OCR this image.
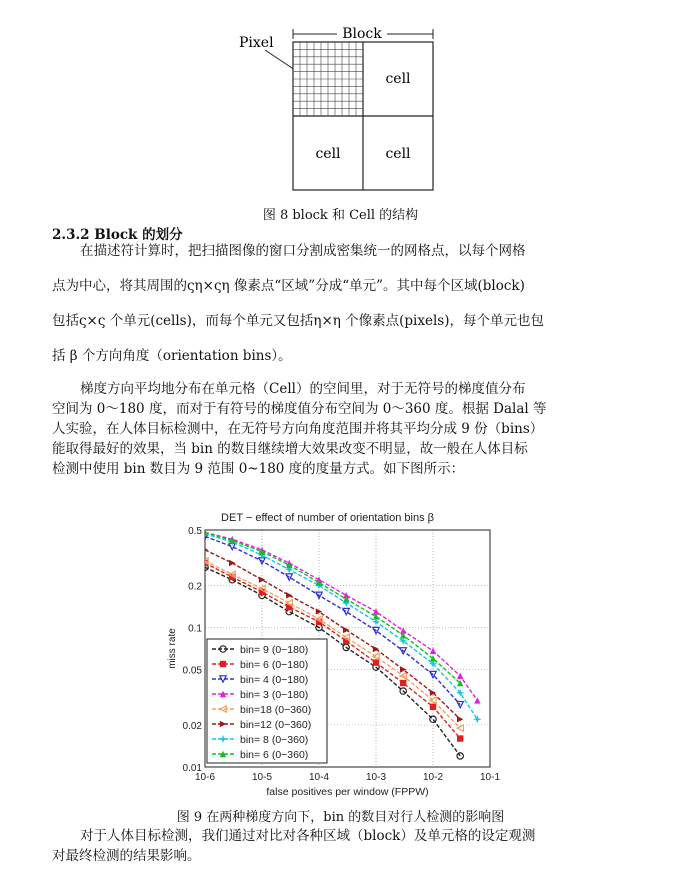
Block
Pixel
cell
cell	cell
图 8 block 和 Cell 的结构
2.3.2 Block 的划分

在描述符计算时，把扫描图像的窗口分割成密集统一的网格点，以每个网格

点为中心，将其周围的ςη×ςη 像素点“区域”分成“单元”。其中每个区域(block)

包括ς×ς 个单元(cells)，而每个单元又包括η×η 个像素点(pixels)，每个单元也包

括 β 个方向角度（orientation bins）。

梯度方向平均地分布在单元格（Cell）的空间里，对于无符号的梯度值分布

空间为 0～180 度，而对于有符号的梯度值分布空间为 0～360 度。根据 Dalal 等

人实验，在人体目标检测中，在无符号方向角度范围并将其平均分成 9 份（bins）

能取得最好的效果，当 bin 的数目继续增大效果改变不明显，故一般在人体目标

检测中使用 bin 数目为 9 范围 0~180 度的度量方式。如下图所示：

DET − effect of number of orientation bins β
10-6	10-5	10-4	10-3	10-2	10-1
0.5
0.2
0.1
0.05
0.02
0.01
false positives per window (FPPW)
miss rate	bin= 9 (0−180)
bin= 6 (0−180)
bin= 4 (0−180)
bin= 3 (0−180)
bin=18 (0−360)
bin=12 (0−360)
bin= 8 (0−360)
bin= 6 (0−360)
图 9 在两种梯度方向下，bin 的数目对行人检测的影响图

对于人体目标检测，我们通过对比对各种区域（block）及单元格的设定观测

对最终检测的结果影响。
